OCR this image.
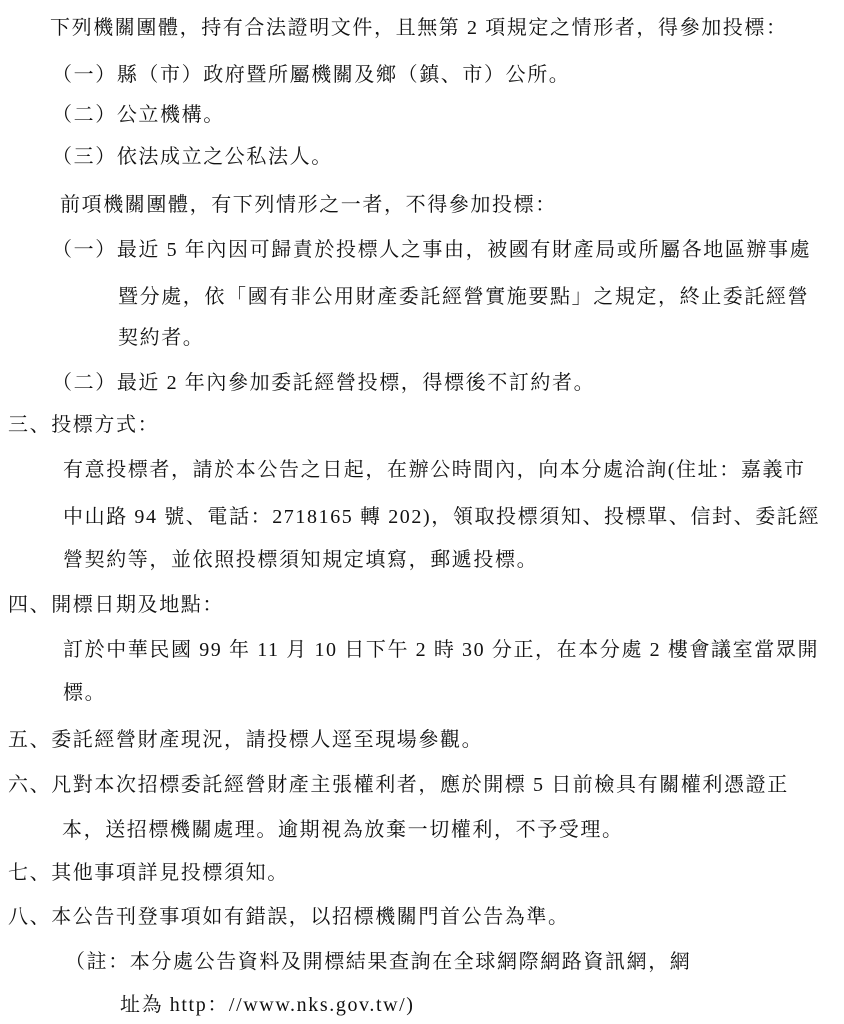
下列機關團體，持有合法證明文件，且無第 2 項規定之情形者，得參加投標：
（一）縣（市）政府暨所屬機關及鄉（鎮、市）公所。
（二）公立機構。
（三）依法成立之公私法人。
前項機關團體，有下列情形之一者，不得參加投標：
（一）最近 5 年內因可歸責於投標人之事由，被國有財產局或所屬各地區辦事處
暨分處，依「國有非公用財產委託經營實施要點」之規定，終止委託經營
契約者。
（二）最近 2 年內參加委託經營投標，得標後不訂約者。
三、投標方式：
有意投標者，請於本公告之日起，在辦公時間內，向本分處洽詢(住址：嘉義市
中山路 94 號、電話：2718165 轉 202)，領取投標須知、投標單、信封、委託經
營契約等，並依照投標須知規定填寫，郵遞投標。
四、開標日期及地點：
訂於中華民國 99 年 11 月 10 日下午 2 時 30 分正，在本分處 2 樓會議室當眾開
標。
五、委託經營財產現況，請投標人逕至現場參觀。
六、凡對本次招標委託經營財產主張權利者，應於開標 5 日前檢具有關權利憑證正
本，送招標機關處理。逾期視為放棄一切權利，不予受理。
七、其他事項詳見投標須知。
八、本公告刊登事項如有錯誤，以招標機關門首公告為準。
（註：本分處公告資料及開標結果查詢在全球網際網路資訊網，網
址為 http：//www.nks.gov.tw/)
